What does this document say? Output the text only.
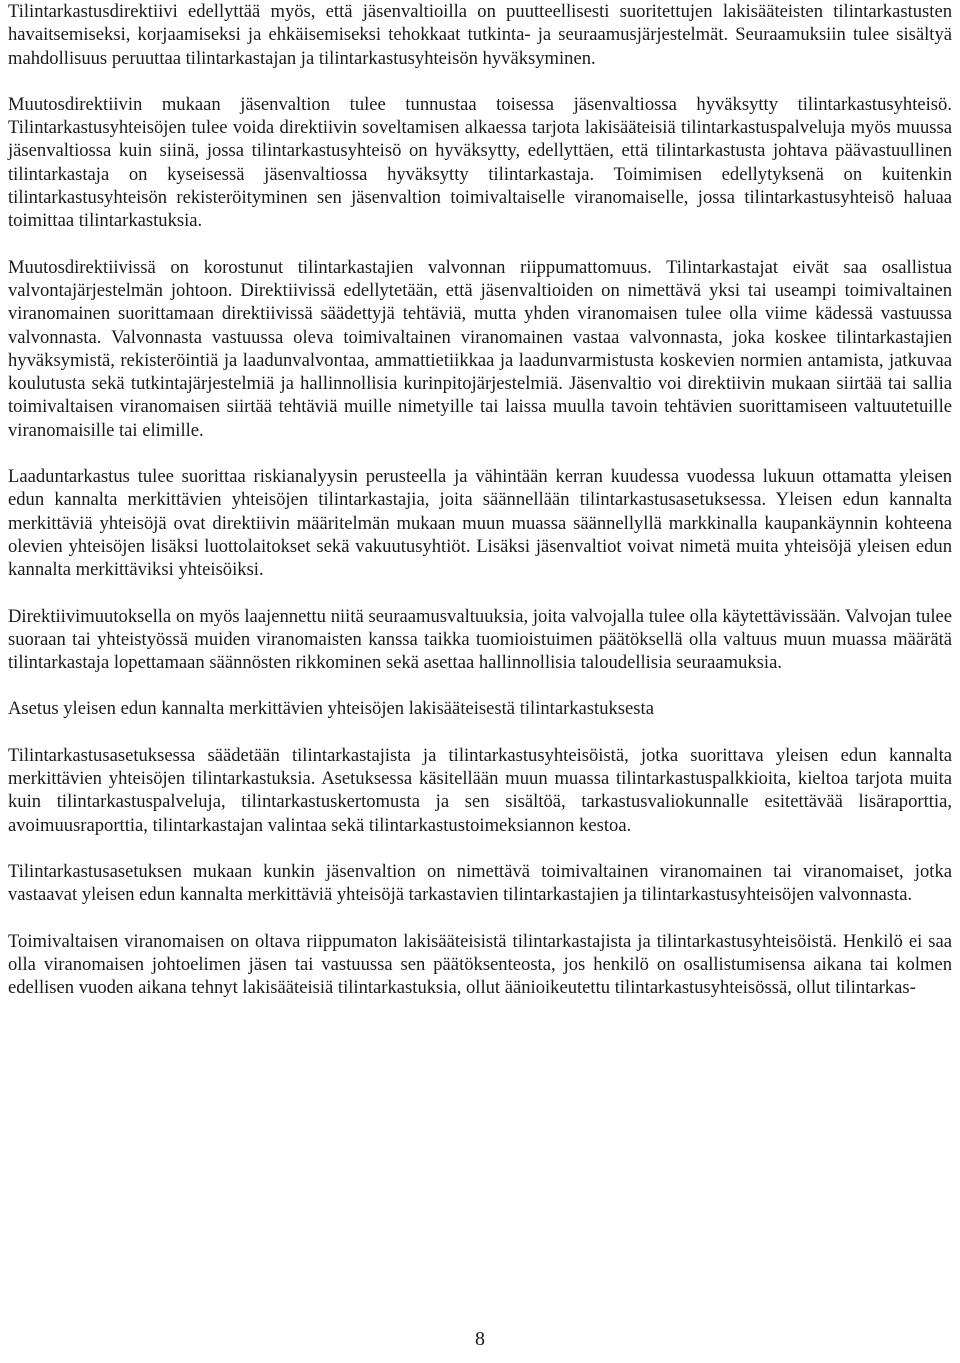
Tilintarkastusdirektiivi edellyttää myös, että jäsenvaltioilla on puutteellisesti suoritettujen lakisääteisten tilintarkastusten havaitsemiseksi, korjaamiseksi ja ehkäisemiseksi tehokkaat tutkinta- ja seuraamusjärjestelmät. Seuraamuksiin tulee sisältyä mahdollisuus peruuttaa tilintarkastajan ja tilintarkastusyhteisön hyväksyminen.

Muutosdirektiivin mukaan jäsenvaltion tulee tunnustaa toisessa jäsenvaltiossa hyväksytty tilintarkastusyhteisö. Tilintarkastusyhteisöjen tulee voida direktiivin soveltamisen alkaessa tarjota lakisääteisiä tilintarkastuspalveluja myös muussa jäsenvaltiossa kuin siinä, jossa tilintarkastusyhteisö on hyväksytty, edellyttäen, että tilintarkastusta johtava päävastuullinen tilintarkastaja on kyseisessä jäsenvaltiossa hyväksytty tilintarkastaja. Toimimisen edellytyksenä on kuitenkin tilintarkastusyhteisön rekisteröityminen sen jäsenvaltion toimivaltaiselle viranomaiselle, jossa tilintarkastusyhteisö haluaa toimittaa tilintarkastuksia.

Muutosdirektiivissä on korostunut tilintarkastajien valvonnan riippumattomuus. Tilintarkastajat eivät saa osallistua valvontajärjestelmän johtoon. Direktiivissä edellytetään, että jäsenvaltioiden on nimettävä yksi tai useampi toimivaltainen viranomainen suorittamaan direktiivissä säädettyjä tehtäviä, mutta yhden viranomaisen tulee olla viime kädessä vastuussa valvonnasta. Valvonnasta vastuussa oleva toimivaltainen viranomainen vastaa valvonnasta, joka koskee tilintarkastajien hyväksymistä, rekisteröintiä ja laadunvalvontaa, ammattietiikkaa ja laadunvarmistusta koskevien normien antamista, jatkuvaa koulutusta sekä tutkintajärjestelmiä ja hallinnollisia kurinpitojärjestelmiä. Jäsenvaltio voi direktiivin mukaan siirtää tai sallia toimivaltaisen viranomaisen siirtää tehtäviä muille nimetyille tai laissa muulla tavoin tehtävien suorittamiseen valtuutetuille viranomaisille tai elimille.

Laaduntarkastus tulee suorittaa riskianalyysin perusteella ja vähintään kerran kuudessa vuodessa lukuun ottamatta yleisen edun kannalta merkittävien yhteisöjen tilintarkastajia, joita säännellään tilintarkastusasetuksessa. Yleisen edun kannalta merkittäviä yhteisöjä ovat direktiivin määritelmän mukaan muun muassa säännellyllä markkinalla kaupankäynnin kohteena olevien yhteisöjen lisäksi luottolaitokset sekä vakuutusyhtiöt. Lisäksi jäsenvaltiot voivat nimetä muita yhteisöjä yleisen edun kannalta merkittäviksi yhteisöiksi.

Direktiivimuutoksella on myös laajennettu niitä seuraamusvaltuuksia, joita valvojalla tulee olla käytettävissään. Valvojan tulee suoraan tai yhteistyössä muiden viranomaisten kanssa taikka tuomioistuimen päätöksellä olla valtuus muun muassa määrätä tilintarkastaja lopettamaan säännösten rikkominen sekä asettaa hallinnollisia taloudellisia seuraamuksia.

Asetus yleisen edun kannalta merkittävien yhteisöjen lakisääteisestä tilintarkastuksesta

Tilintarkastusasetuksessa säädetään tilintarkastajista ja tilintarkastusyhteisöistä, jotka suorittava yleisen edun kannalta merkittävien yhteisöjen tilintarkastuksia. Asetuksessa käsitellään muun muassa tilintarkastuspalkkioita, kieltoa tarjota muita kuin tilintarkastuspalveluja, tilintarkastuskertomusta ja sen sisältöä, tarkastusvaliokunnalle esitettävää lisäraporttia, avoimuusraporttia, tilintarkastajan valintaa sekä tilintarkastustoimeksiannon kestoa.

Tilintarkastusasetuksen mukaan kunkin jäsenvaltion on nimettävä toimivaltainen viranomainen tai viranomaiset, jotka vastaavat yleisen edun kannalta merkittäviä yhteisöjä tarkastavien tilintarkastajien ja tilintarkastusyhteisöjen valvonnasta.

Toimivaltaisen viranomaisen on oltava riippumaton lakisääteisistä tilintarkastajista ja tilintarkastusyhteisöistä. Henkilö ei saa olla viranomaisen johtoelimen jäsen tai vastuussa sen päätöksenteosta, jos henkilö on osallistumisensa aikana tai kolmen edellisen vuoden aikana tehnyt lakisääteisiä tilintarkastuksia, ollut äänioikeutettu tilintarkastusyhteisössä, ollut tilintarkas-

8
